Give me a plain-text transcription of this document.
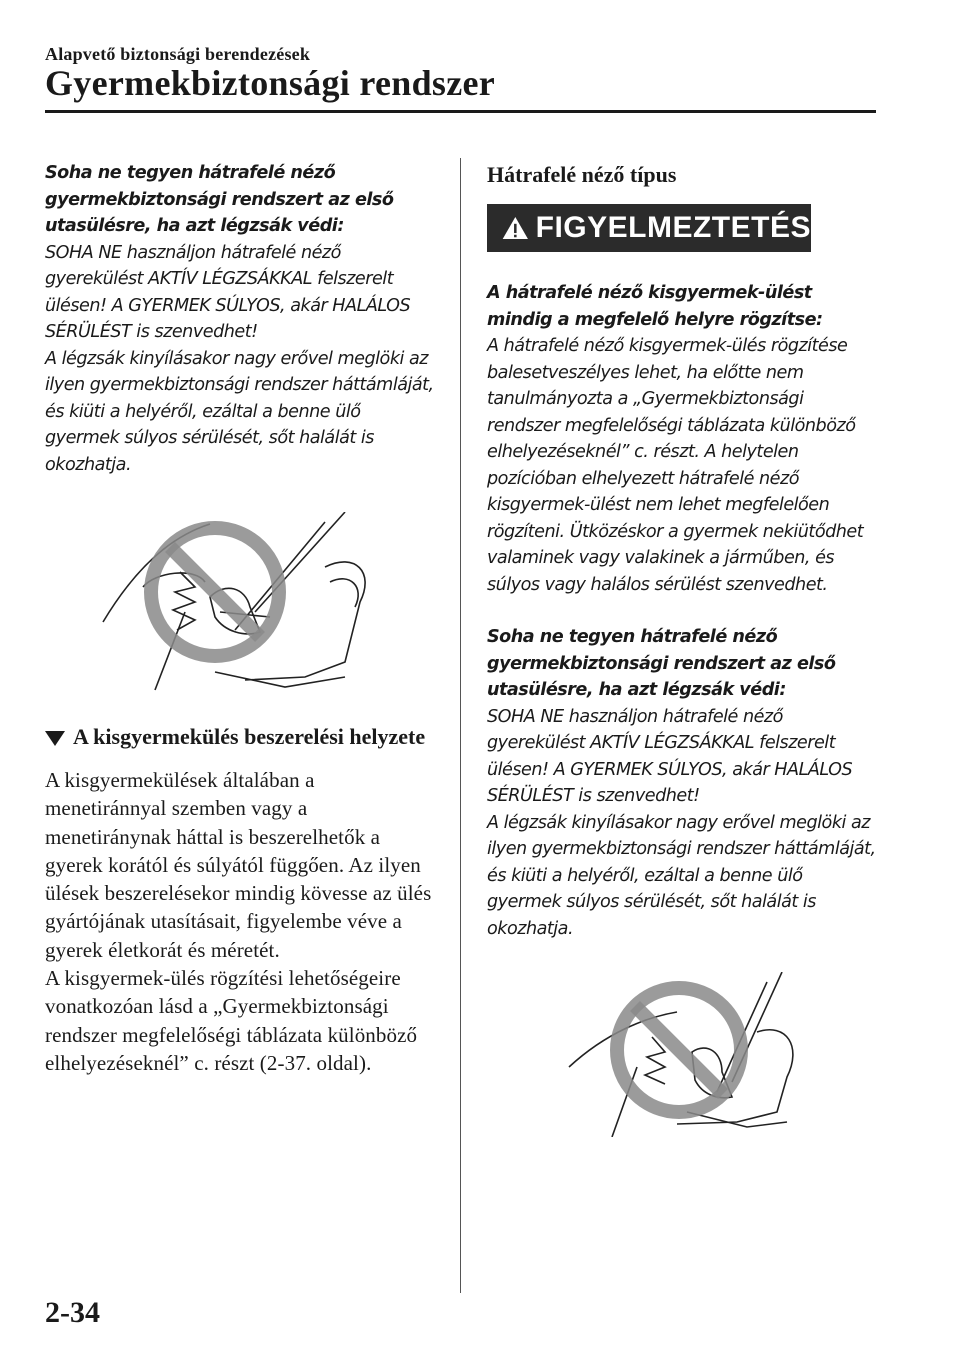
Alapvető biztonsági berendezések
Gyermekbiztonsági rendszer

Soha ne tegyen hátrafelé néző gyermekbiztonsági rendszert az első utasülésre, ha azt légzsák védi:

SOHA NE használjon hátrafelé néző gyerekülést AKTÍV LÉGZSÁKKAL felszerelt ülésen! A GYERMEK SÚLYOS, akár HALÁLOS SÉRÜLÉST is szenvedhet!

A légzsák kinyílásakor nagy erővel meglöki az ilyen gyermekbiztonsági rendszer háttámláját, és kiüti a helyéről, ezáltal a benne ülő gyermek súlyos sérülését, sőt halálát is okozhatja.

A kisgyermekülés beszerelési helyzete

A kisgyermekülések általában a menetiránnyal szemben vagy a menetiránynak háttal is beszerelhetők a gyerek korától és súlyától függően. Az ilyen ülések beszerelésekor mindig kövesse az ülés gyártójának utasításait, figyelembe véve a gyerek életkorát és méretét.

A kisgyermek-ülés rögzítési lehetőségeire vonatkozóan lásd a „Gyermekbiztonsági rendszer megfelelőségi táblázata különböző elhelyezéseknél” c. részt (2-37. oldal).

Hátrafelé néző típus
FIGYELMEZTETÉS

A hátrafelé néző kisgyermek-ülést mindig a megfelelő helyre rögzítse:

A hátrafelé néző kisgyermek-ülés rögzítése balesetveszélyes lehet, ha előtte nem tanulmányozta a „Gyermekbiztonsági rendszer megfelelőségi táblázata különböző elhelyezéseknél” c. részt. A helytelen pozícióban elhelyezett hátrafelé néző kisgyermek-ülést nem lehet megfelelően rögzíteni. Ütközéskor a gyermek nekiütődhet valaminek vagy valakinek a járműben, és súlyos vagy halálos sérülést szenvedhet.

Soha ne tegyen hátrafelé néző gyermekbiztonsági rendszert az első utasülésre, ha azt légzsák védi:

SOHA NE használjon hátrafelé néző gyerekülést AKTÍV LÉGZSÁKKAL felszerelt ülésen! A GYERMEK SÚLYOS, akár HALÁLOS SÉRÜLÉST is szenvedhet!

A légzsák kinyílásakor nagy erővel meglöki az ilyen gyermekbiztonsági rendszer háttámláját, és kiüti a helyéről, ezáltal a benne ülő gyermek súlyos sérülését, sőt halálát is okozhatja.

2-34
